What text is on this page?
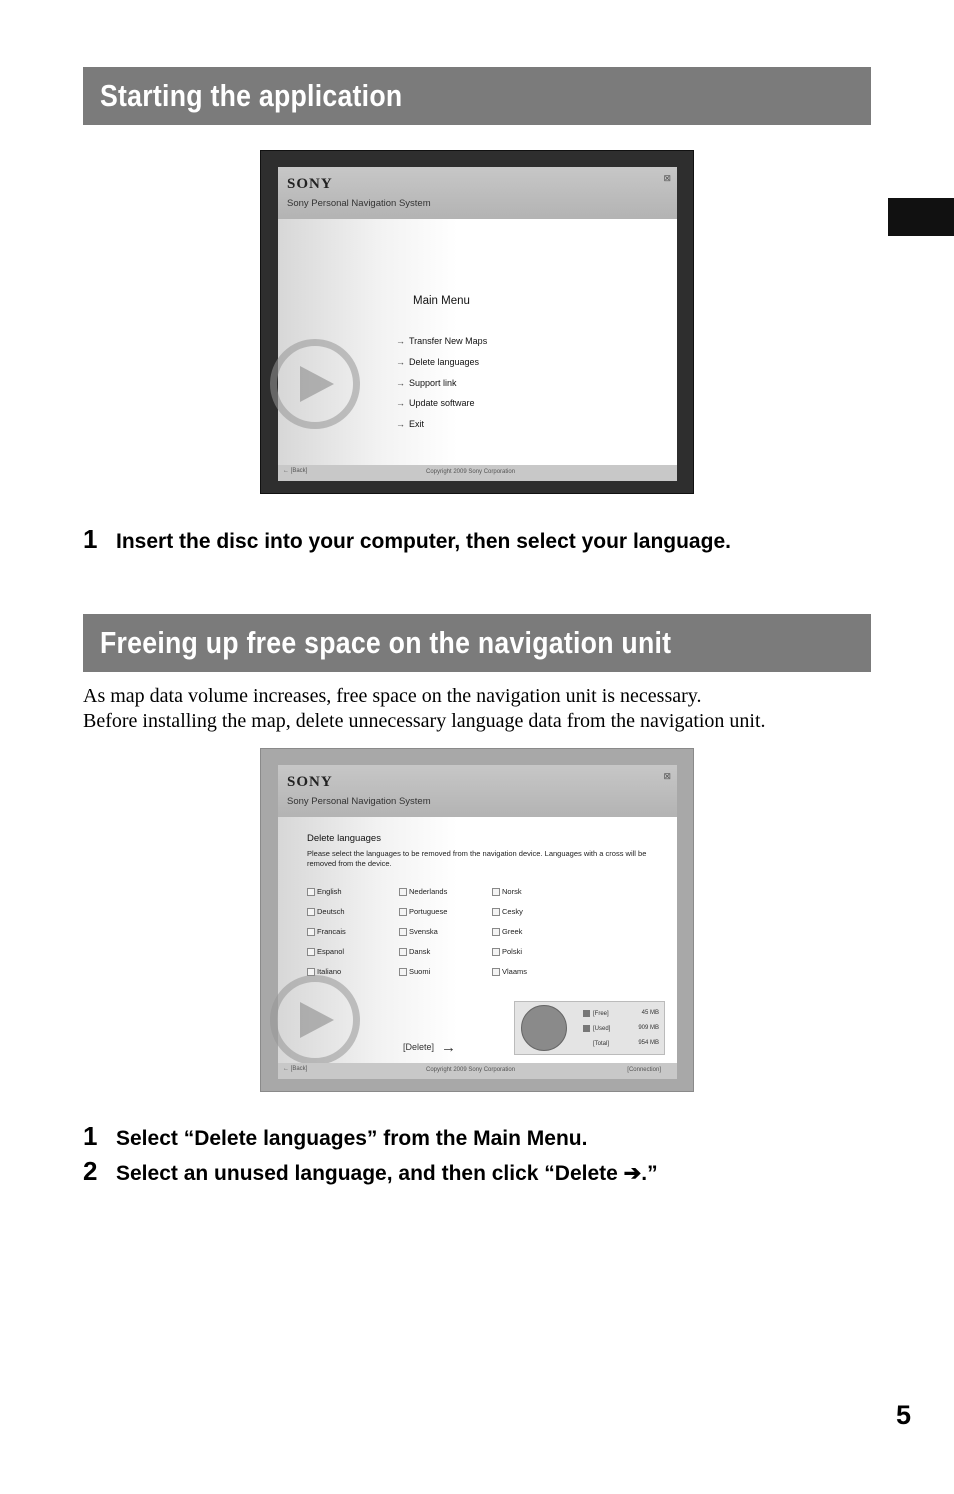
Starting the application
SONY
Sony Personal Navigation System
⊠
Main Menu
→ Transfer New Maps
→ Delete languages
→ Support link
→ Update software
→ Exit
← [Back]	Copyright 2009 Sony Corporation
1 Insert the disc into your computer, then select your language.
Freeing up free space on the navigation unit
As map data volume increases, free space on the navigation unit is necessary.
Before installing the map, delete unnecessary language data from the navigation unit.
SONY
Sony Personal Navigation System
⊠
Delete languages
Please select the languages to be removed from the navigation device. Languages with a cross will be removed from the device.
English	Nederlands	Norsk
Deutsch	Portuguese	Cesky
Francais	Svenska	Greek
Espanol	Dansk	Polski
Italiano	Suomi	Vlaams
[Delete] →
[Free]	45 MB
[Used]	909 MB
[Total]	954 MB
← [Back]	Copyright 2009 Sony Corporation	[Connection]
1 Select “Delete languages” from the Main Menu.
2 Select an unused language, and then click “Delete ➔.”
5
